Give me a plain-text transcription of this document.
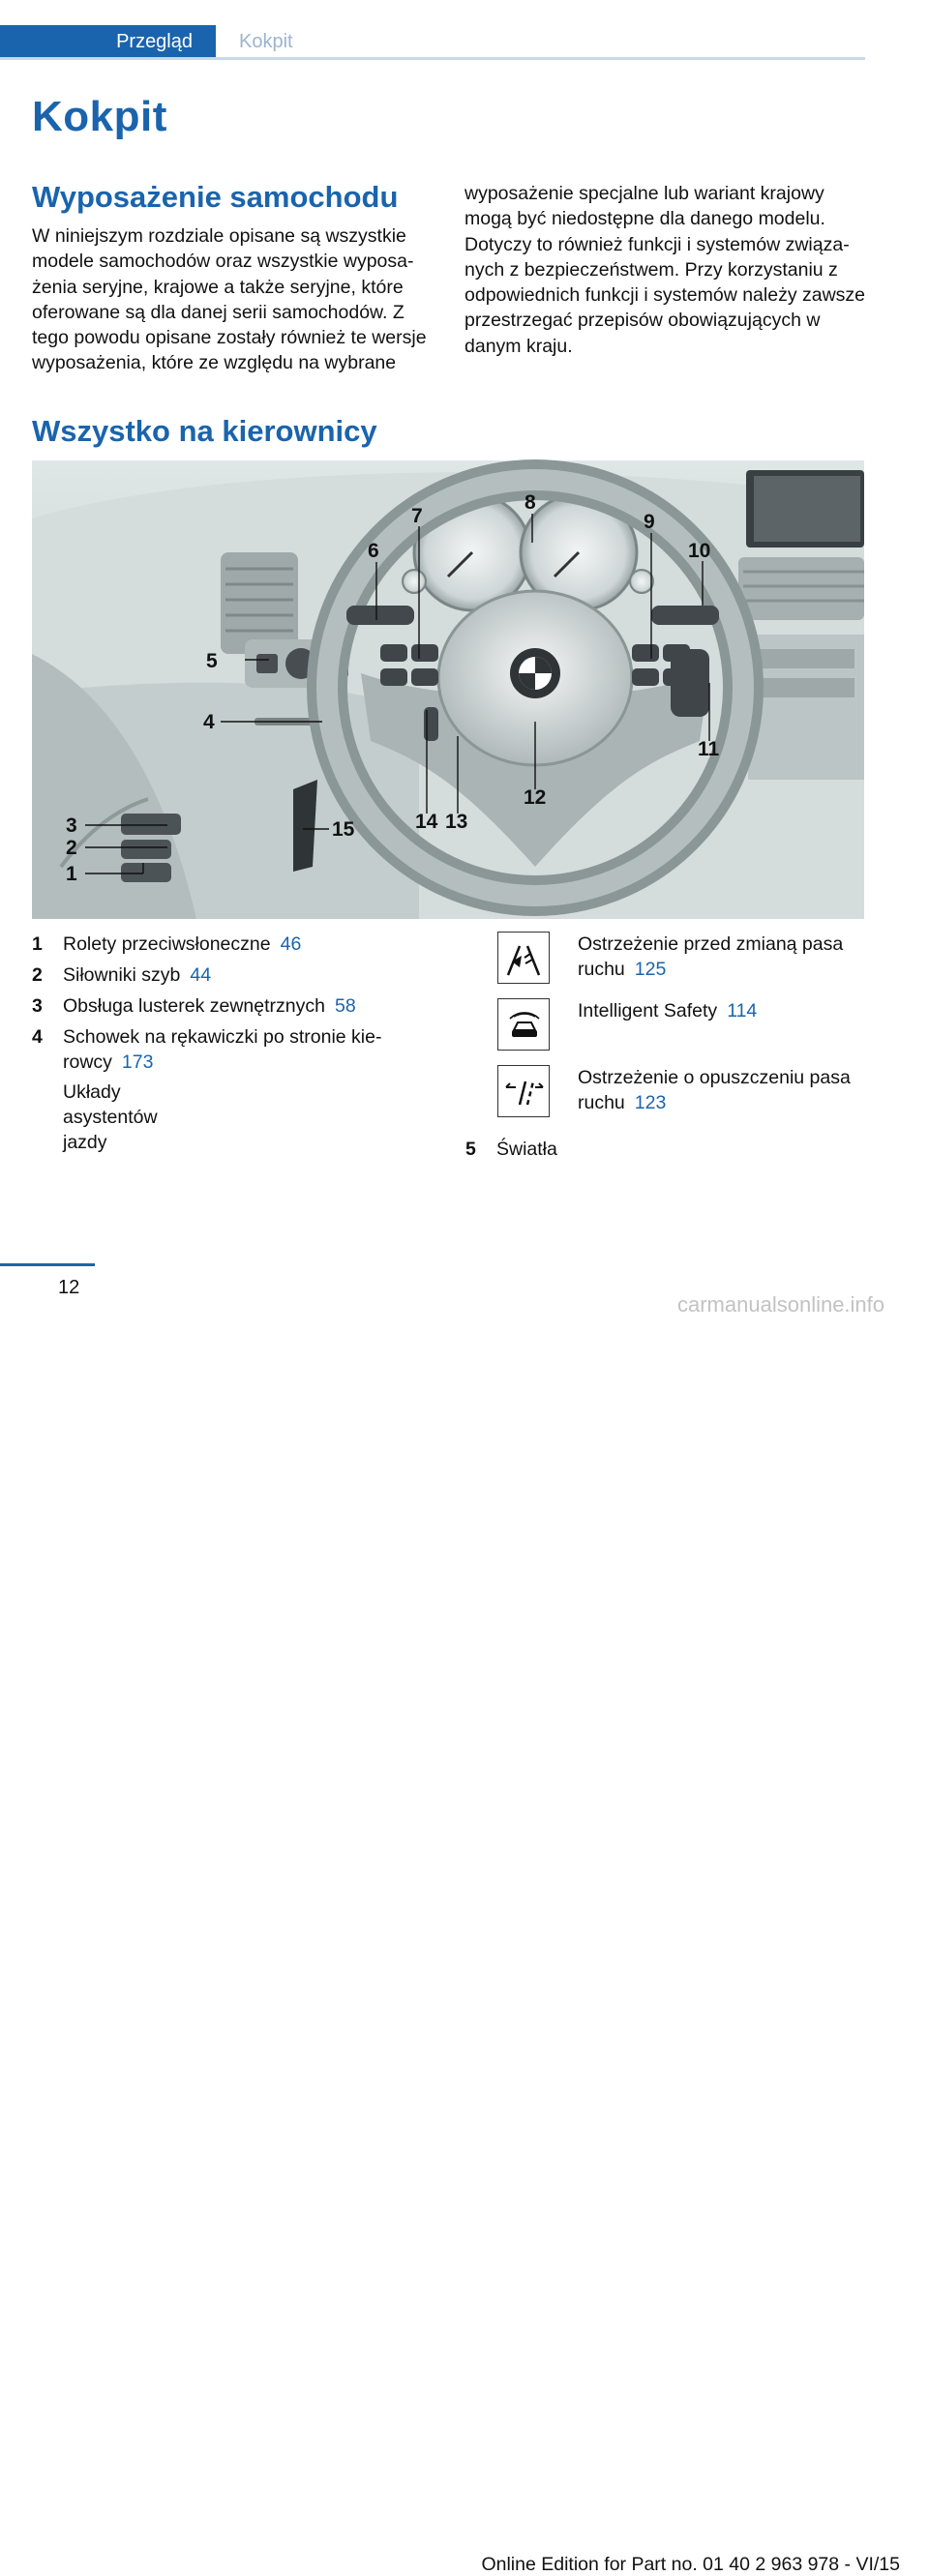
Przegląd	Kokpit
Kokpit
Wyposażenie samochodu

W niniejszym rozdziale opisane są wszystkie modele samochodów oraz wszystkie wyposażenia seryjne, krajowe a także seryjne, które oferowane są dla danej serii samochodów. Z tego powodu opisane zostały również te wersje wyposażenia, które ze względu na wybrane

wyposażenie specjalne lub wariant krajowy mogą być niedostępne dla danego modelu. Dotyczy to również funkcji i systemów związanych z bezpieczeństwem. Przy korzystaniu z odpowiednich funkcji i systemów należy zawsze przestrzegać przepisów obowiązujących w danym kraju.

Wszystko na kierownicy
1
2
3
4
5
6
7
8
9
10
11
12
13
14
15
1 Rolety przeciwsłoneczne 46
2 Siłowniki szyb 44
3 Obsługa lusterek zewnętrznych 58
4 Schowek na rękawiczki po stronie kierowcy 173
Układy asystentów jazdy
Ostrzeżenie przed zmianą pasa ruchu 125
Intelligent Safety 114
Ostrzeżenie o opuszczeniu pasa ruchu 123
5 Światła
12
Online Edition for Part no. 01 40 2 963 978 - VI/15
carmanualsonline.info
